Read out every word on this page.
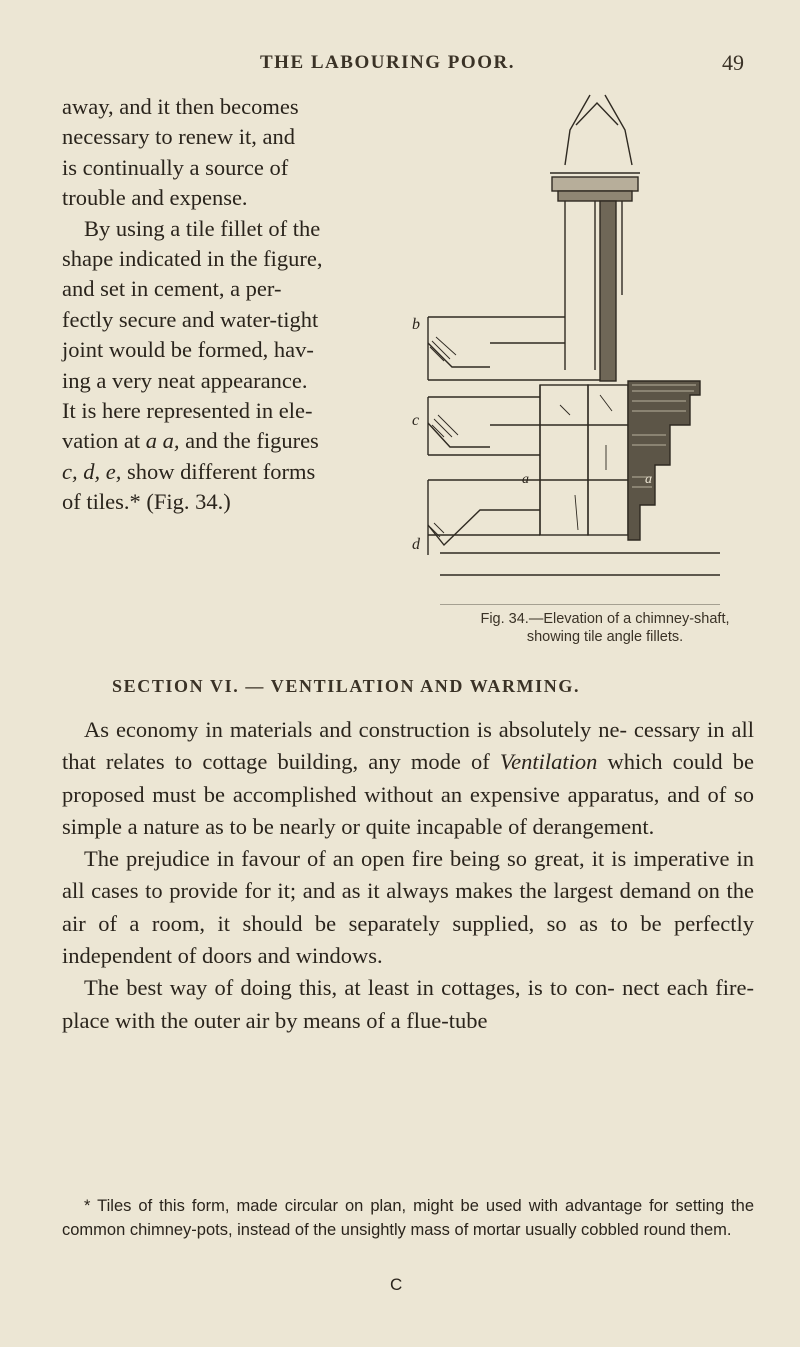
THE LABOURING POOR.	49

away, and it then becomes
necessary to renew it, and
is continually a source of
trouble and expense.

By using a tile fillet of the
shape indicated in the figure,
and set in cement, a per-
fectly secure and water-tight
joint would be formed, hav-
ing a very neat appearance.
It is here represented in ele-
vation at a a, and the figures
c, d, e, show different forms
of tiles.* (Fig. 34.)

b
c
d
a	a
Fig. 34.—Elevation of a chimney-shaft,
showing tile angle fillets.
SECTION VI. — VENTILATION AND WARMING.

As economy in materials and construction is absolutely ne- cessary in all that relates to cottage building, any mode of Ventilation which could be proposed must be accomplished without an expensive apparatus, and of so simple a nature as to be nearly or quite incapable of derangement.

The prejudice in favour of an open fire being so great, it is imperative in all cases to provide for it; and as it always makes the largest demand on the air of a room, it should be separately supplied, so as to be perfectly independent of doors and windows.

The best way of doing this, at least in cottages, is to con- nect each fire-place with the outer air by means of a flue-tube

* Tiles of this form, made circular on plan, might be used with advantage for setting the common chimney-pots, instead of the unsightly mass of mortar usually cobbled round them.

C
